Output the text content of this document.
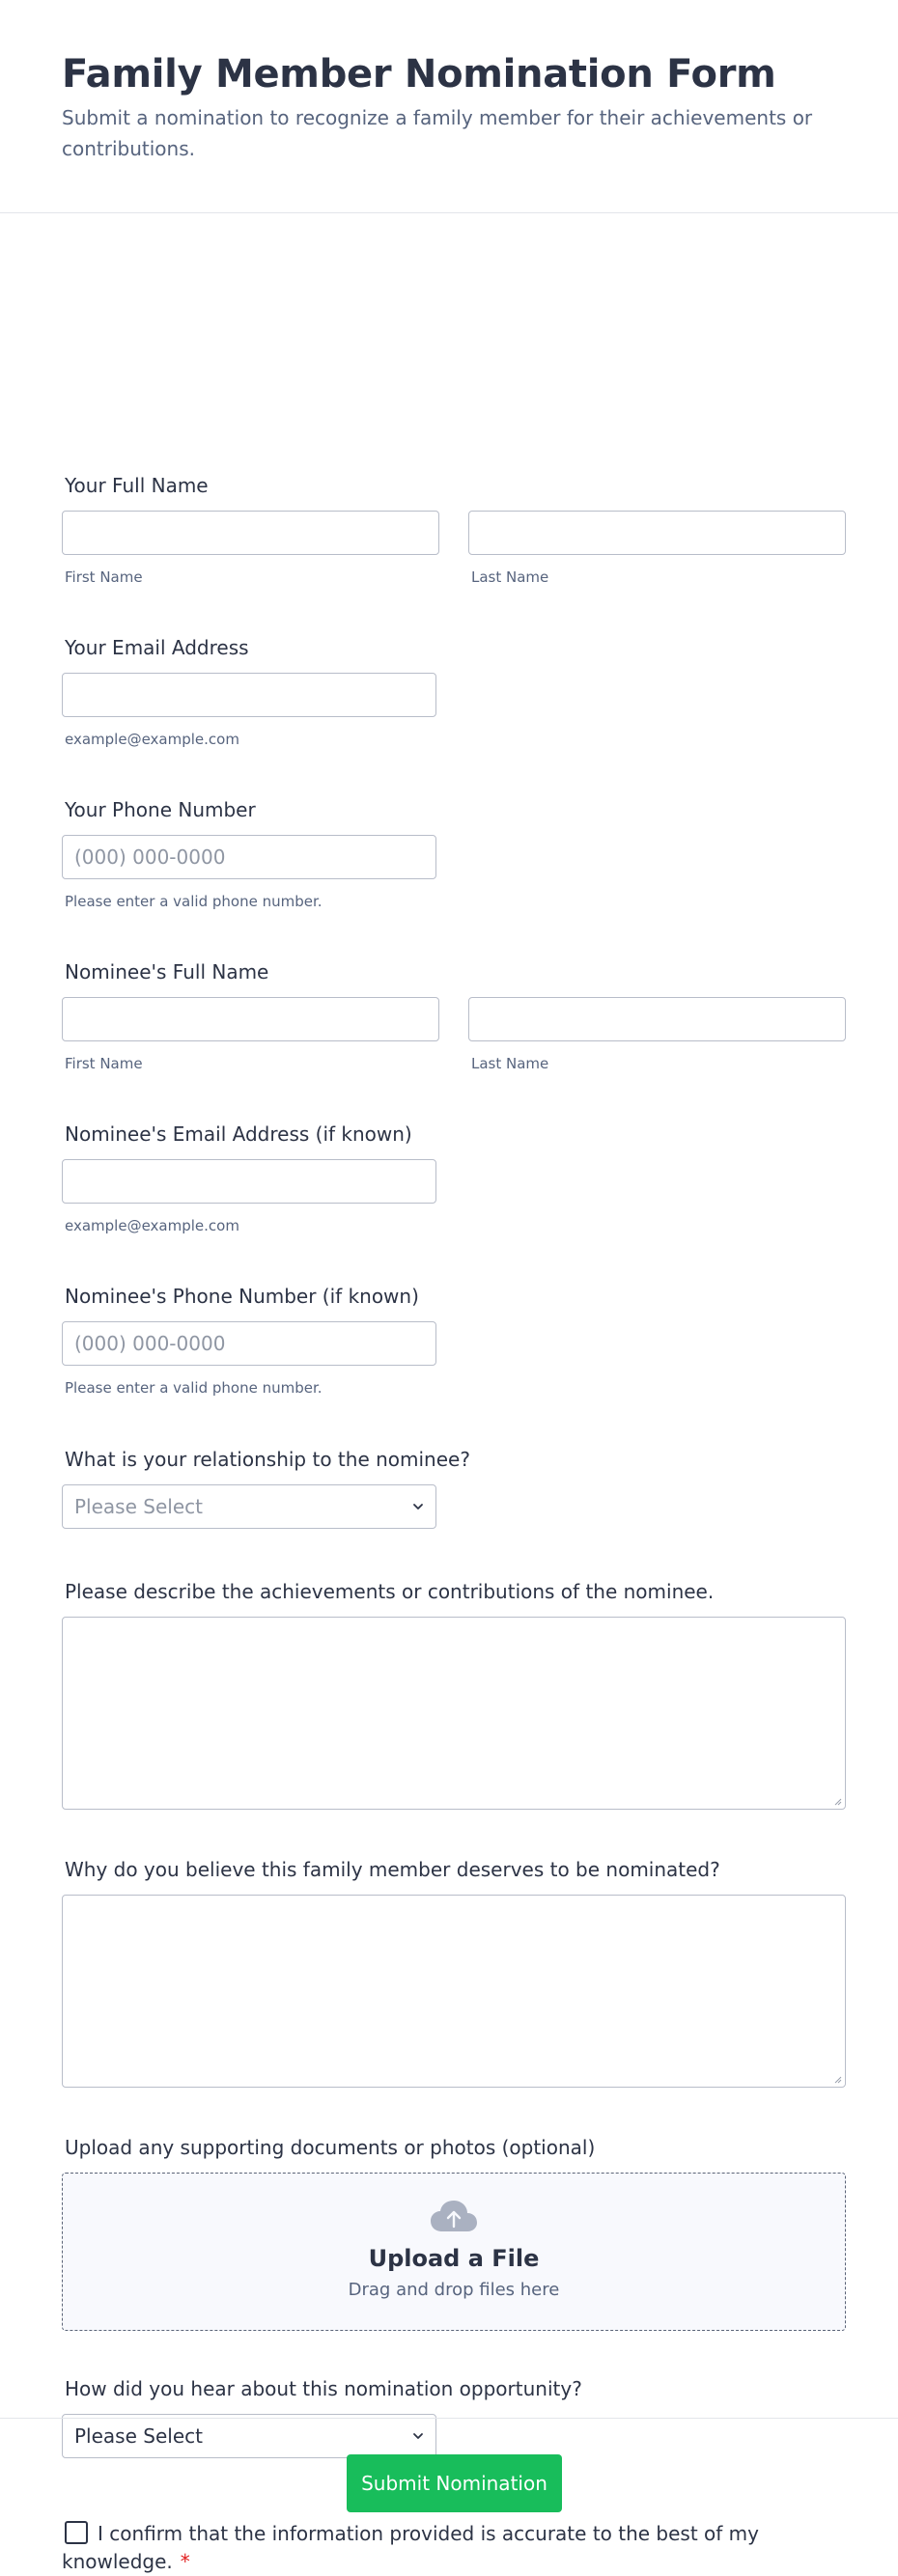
Family Member Nomination Form
Submit a nomination to recognize a family member for their achievements or contributions.
Your Full Name
First Name	Last Name
Your Email Address
example@example.com
Your Phone Number
(000) 000-0000
Please enter a valid phone number.
Nominee's Full Name
First Name	Last Name
Nominee's Email Address (if known)
example@example.com
Nominee's Phone Number (if known)
(000) 000-0000
Please enter a valid phone number.
What is your relationship to the nominee?
Please Select
Please describe the achievements or contributions of the nominee.
Why do you believe this family member deserves to be nominated?
Upload any supporting documents or photos (optional)
Upload a File
Drag and drop files here
How did you hear about this nomination opportunity?
Please Select
I confirm that the information provided is accurate to the best of my knowledge. *
Submit Nomination
